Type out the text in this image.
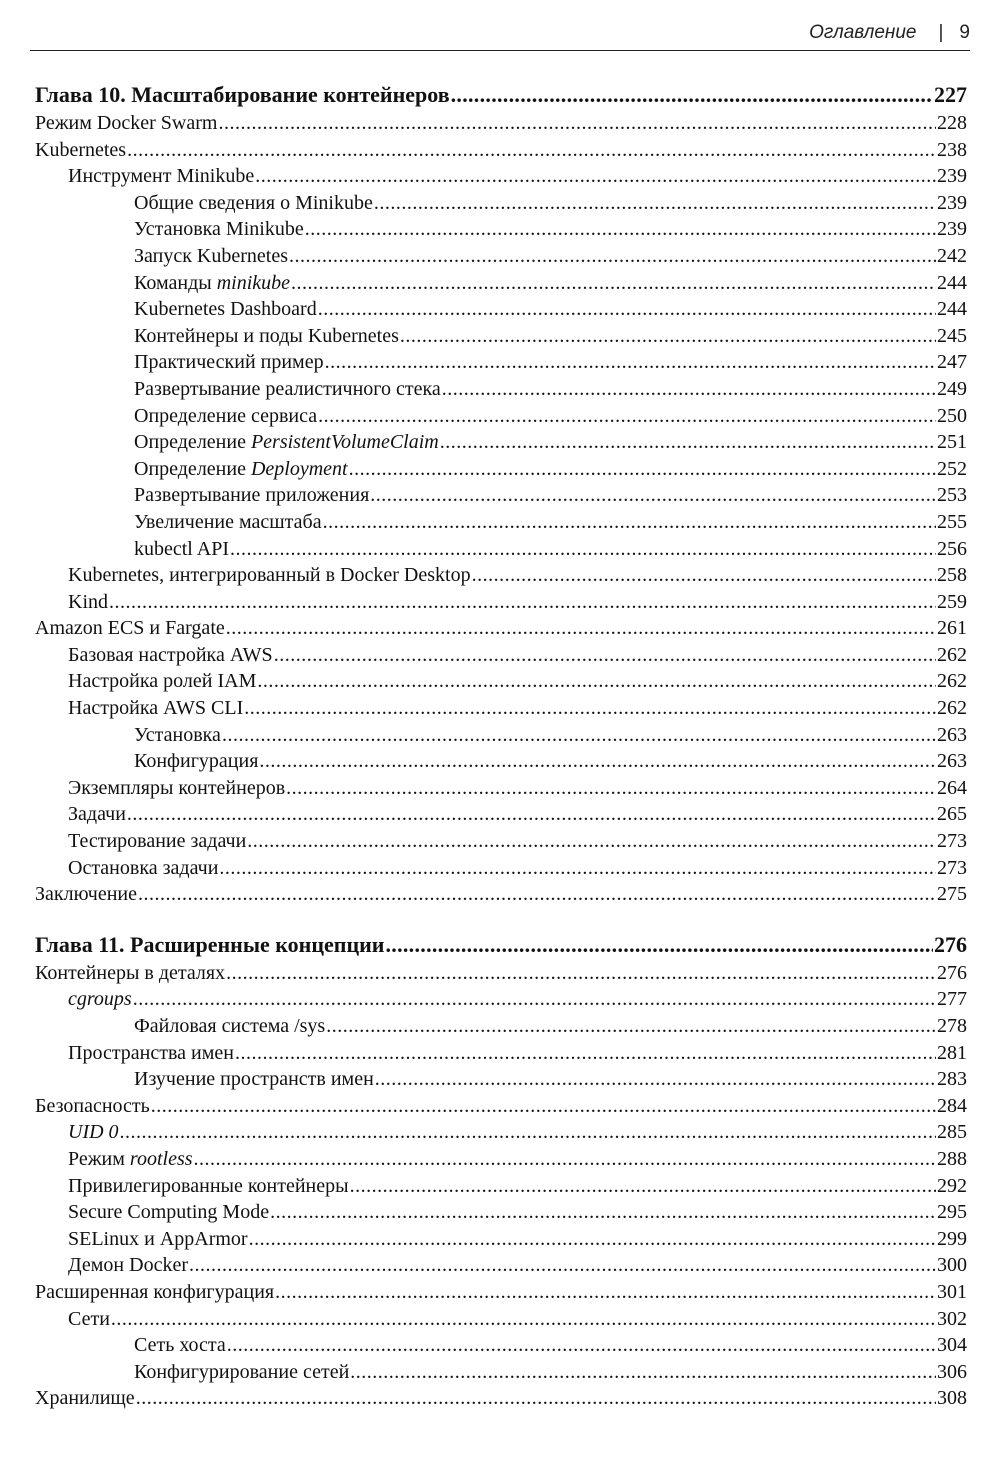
Оглавление | 9
Глава 10. Масштабирование контейнеров .....	227
Режим Docker Swarm .....	228
Kubernetes .....	238
Инструмент Minikube .....	239
Общие сведения о Minikube .....	239
Установка Minikube .....	239
Запуск Kubernetes .....	242
Команды minikube .....	244
Kubernetes Dashboard .....	244
Контейнеры и поды Kubernetes .....	245
Практический пример .....	247
Развертывание реалистичного стека .....	249
Определение сервиса .....	250
Определение PersistentVolumeClaim .....	251
Определение Deployment .....	252
Развертывание приложения .....	253
Увеличение масштаба .....	255
kubectl API .....	256
Kubernetes, интегрированный в Docker Desktop .....	258
Kind .....	259
Amazon ECS и Fargate .....	261
Базовая настройка AWS .....	262
Настройка ролей IAM .....	262
Настройка AWS CLI .....	262
Установка .....	263
Конфигурация .....	263
Экземпляры контейнеров .....	264
Задачи .....	265
Тестирование задачи .....	273
Остановка задачи .....	273
Заключение .....	275
Глава 11. Расширенные концепции .....	276
Контейнеры в деталях .....	276
cgroups .....	277
Файловая система /sys .....	278
Пространства имен .....	281
Изучение пространств имен .....	283
Безопасность .....	284
UID 0 .....	285
Режим rootless .....	288
Привилегированные контейнеры .....	292
Secure Computing Mode .....	295
SELinux и AppArmor .....	299
Демон Docker .....	300
Расширенная конфигурация .....	301
Сети .....	302
Сеть хоста .....	304
Конфигурирование сетей .....	306
Хранилище .....	308
